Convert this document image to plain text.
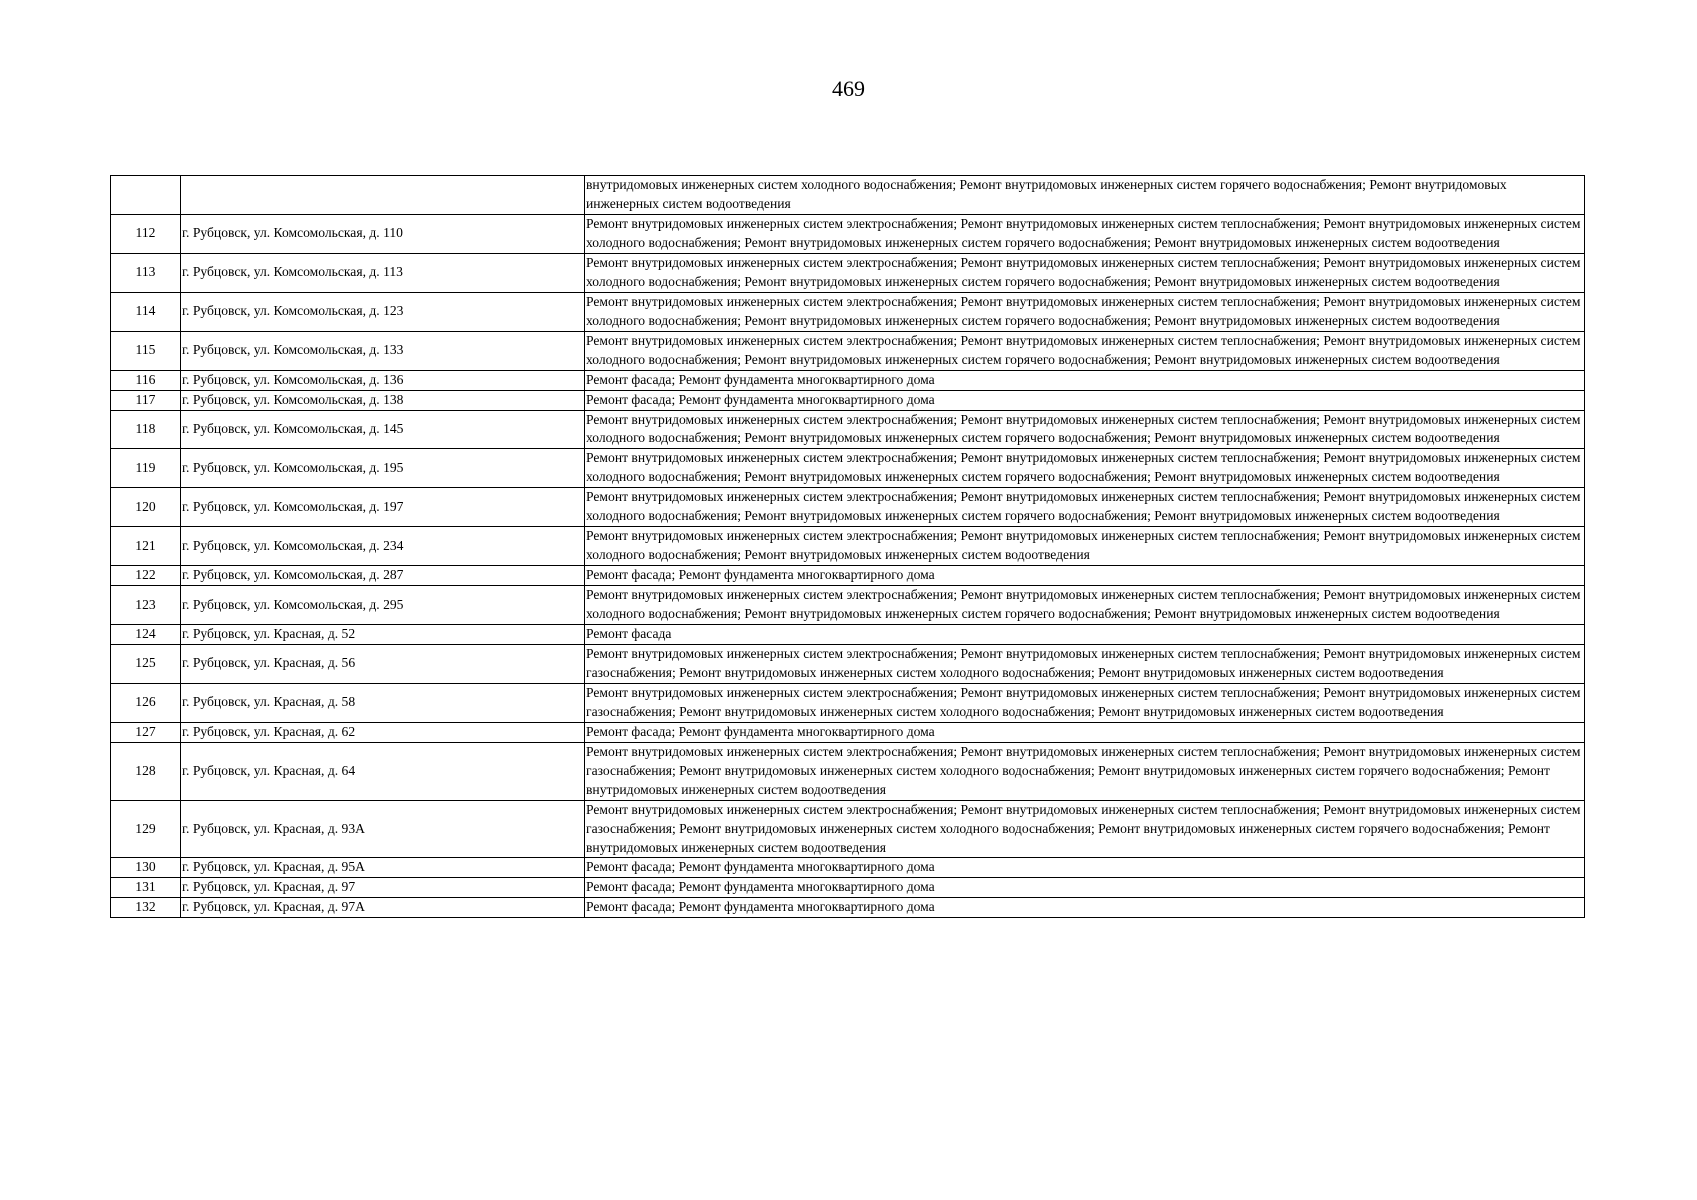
469
		внутридомовых инженерных систем холодного водоснабжения; Ремонт внутридомовых инженерных систем горячего водоснабжения; Ремонт внутридомовых инженерных систем водоотведения
112	г. Рубцовск, ул. Комсомольская, д. 110	Ремонт внутридомовых инженерных систем электроснабжения; Ремонт внутридомовых инженерных систем теплоснабжения; Ремонт внутридомовых инженерных систем холодного водоснабжения; Ремонт внутридомовых инженерных систем горячего водоснабжения; Ремонт внутридомовых инженерных систем водоотведения
113	г. Рубцовск, ул. Комсомольская, д. 113	Ремонт внутридомовых инженерных систем электроснабжения; Ремонт внутридомовых инженерных систем теплоснабжения; Ремонт внутридомовых инженерных систем холодного водоснабжения; Ремонт внутридомовых инженерных систем горячего водоснабжения; Ремонт внутридомовых инженерных систем водоотведения
114	г. Рубцовск, ул. Комсомольская, д. 123	Ремонт внутридомовых инженерных систем электроснабжения; Ремонт внутридомовых инженерных систем теплоснабжения; Ремонт внутридомовых инженерных систем холодного водоснабжения; Ремонт внутридомовых инженерных систем горячего водоснабжения; Ремонт внутридомовых инженерных систем водоотведения
115	г. Рубцовск, ул. Комсомольская, д. 133	Ремонт внутридомовых инженерных систем электроснабжения; Ремонт внутридомовых инженерных систем теплоснабжения; Ремонт внутридомовых инженерных систем холодного водоснабжения; Ремонт внутридомовых инженерных систем горячего водоснабжения; Ремонт внутридомовых инженерных систем водоотведения
116	г. Рубцовск, ул. Комсомольская, д. 136	Ремонт фасада; Ремонт фундамента многоквартирного дома
117	г. Рубцовск, ул. Комсомольская, д. 138	Ремонт фасада; Ремонт фундамента многоквартирного дома
118	г. Рубцовск, ул. Комсомольская, д. 145	Ремонт внутридомовых инженерных систем электроснабжения; Ремонт внутридомовых инженерных систем теплоснабжения; Ремонт внутридомовых инженерных систем холодного водоснабжения; Ремонт внутридомовых инженерных систем горячего водоснабжения; Ремонт внутридомовых инженерных систем водоотведения
119	г. Рубцовск, ул. Комсомольская, д. 195	Ремонт внутридомовых инженерных систем электроснабжения; Ремонт внутридомовых инженерных систем теплоснабжения; Ремонт внутридомовых инженерных систем холодного водоснабжения; Ремонт внутридомовых инженерных систем горячего водоснабжения; Ремонт внутридомовых инженерных систем водоотведения
120	г. Рубцовск, ул. Комсомольская, д. 197	Ремонт внутридомовых инженерных систем электроснабжения; Ремонт внутридомовых инженерных систем теплоснабжения; Ремонт внутридомовых инженерных систем холодного водоснабжения; Ремонт внутридомовых инженерных систем горячего водоснабжения; Ремонт внутридомовых инженерных систем водоотведения
121	г. Рубцовск, ул. Комсомольская, д. 234	Ремонт внутридомовых инженерных систем электроснабжения; Ремонт внутридомовых инженерных систем теплоснабжения; Ремонт внутридомовых инженерных систем холодного водоснабжения; Ремонт внутридомовых инженерных систем водоотведения
122	г. Рубцовск, ул. Комсомольская, д. 287	Ремонт фасада; Ремонт фундамента многоквартирного дома
123	г. Рубцовск, ул. Комсомольская, д. 295	Ремонт внутридомовых инженерных систем электроснабжения; Ремонт внутридомовых инженерных систем теплоснабжения; Ремонт внутридомовых инженерных систем холодного водоснабжения; Ремонт внутридомовых инженерных систем горячего водоснабжения; Ремонт внутридомовых инженерных систем водоотведения
124	г. Рубцовск, ул. Красная, д. 52	Ремонт фасада
125	г. Рубцовск, ул. Красная, д. 56	Ремонт внутридомовых инженерных систем электроснабжения; Ремонт внутридомовых инженерных систем теплоснабжения; Ремонт внутридомовых инженерных систем газоснабжения; Ремонт внутридомовых инженерных систем холодного водоснабжения; Ремонт внутридомовых инженерных систем водоотведения
126	г. Рубцовск, ул. Красная, д. 58	Ремонт внутридомовых инженерных систем электроснабжения; Ремонт внутридомовых инженерных систем теплоснабжения; Ремонт внутридомовых инженерных систем газоснабжения; Ремонт внутридомовых инженерных систем холодного водоснабжения; Ремонт внутридомовых инженерных систем водоотведения
127	г. Рубцовск, ул. Красная, д. 62	Ремонт фасада; Ремонт фундамента многоквартирного дома
128	г. Рубцовск, ул. Красная, д. 64	Ремонт внутридомовых инженерных систем электроснабжения; Ремонт внутридомовых инженерных систем теплоснабжения; Ремонт внутридомовых инженерных систем газоснабжения; Ремонт внутридомовых инженерных систем холодного водоснабжения; Ремонт внутридомовых инженерных систем горячего водоснабжения; Ремонт внутридомовых инженерных систем водоотведения
129	г. Рубцовск, ул. Красная, д. 93А	Ремонт внутридомовых инженерных систем электроснабжения; Ремонт внутридомовых инженерных систем теплоснабжения; Ремонт внутридомовых инженерных систем газоснабжения; Ремонт внутридомовых инженерных систем холодного водоснабжения; Ремонт внутридомовых инженерных систем горячего водоснабжения; Ремонт внутридомовых инженерных систем водоотведения
130	г. Рубцовск, ул. Красная, д. 95А	Ремонт фасада; Ремонт фундамента многоквартирного дома
131	г. Рубцовск, ул. Красная, д. 97	Ремонт фасада; Ремонт фундамента многоквартирного дома
132	г. Рубцовск, ул. Красная, д. 97А	Ремонт фасада; Ремонт фундамента многоквартирного дома
